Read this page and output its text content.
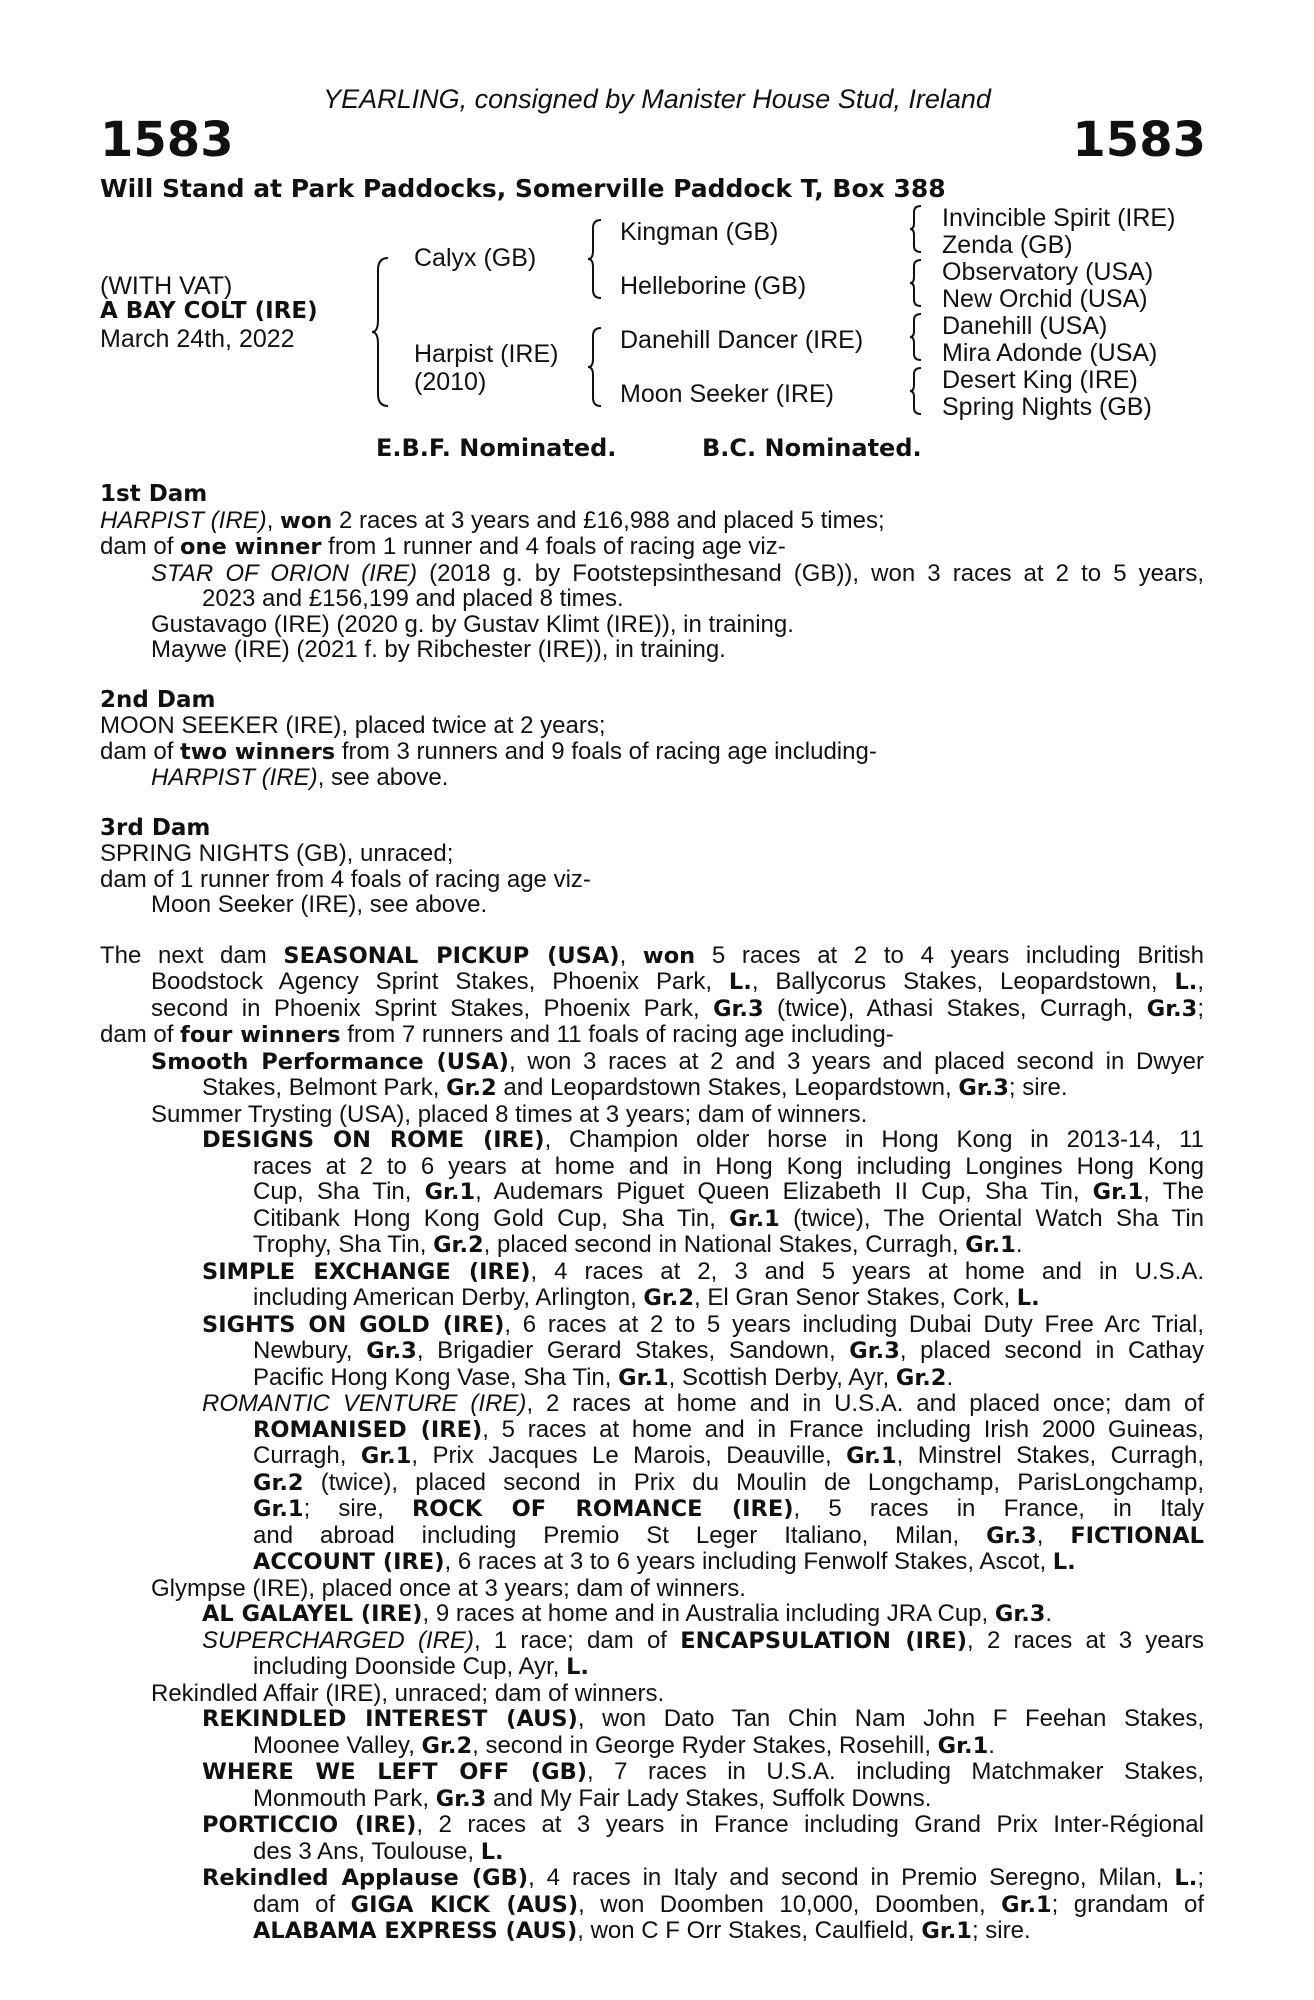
YEARLING, consigned by Manister House Stud, Ireland
1583	1583
Will Stand at Park Paddocks, Somerville Paddock T, Box 388
(WITH VAT)
A BAY COLT (IRE)
March 24th, 2022
Calyx (GB)
Harpist (IRE)
(2010)
Kingman (GB)
Helleborine (GB)
Danehill Dancer (IRE)
Moon Seeker (IRE)
Invincible Spirit (IRE)
Zenda (GB)
Observatory (USA)
New Orchid (USA)
Danehill (USA)
Mira Adonde (USA)
Desert King (IRE)
Spring Nights (GB)
E.B.F. Nominated.	B.C. Nominated.
1st Dam
HARPIST (IRE), won 2 races at 3 years and £16,988 and placed 5 times;
dam of one winner from 1 runner and 4 foals of racing age viz-
STAR OF ORION (IRE) (2018 g. by Footstepsinthesand (GB)), won 3 races at 2 to 5 years,
2023 and £156,199 and placed 8 times.
Gustavago (IRE) (2020 g. by Gustav Klimt (IRE)), in training.
Maywe (IRE) (2021 f. by Ribchester (IRE)), in training.
2nd Dam
MOON SEEKER (IRE), placed twice at 2 years;
dam of two winners from 3 runners and 9 foals of racing age including-
HARPIST (IRE), see above.
3rd Dam
SPRING NIGHTS (GB), unraced;
dam of 1 runner from 4 foals of racing age viz-
Moon Seeker (IRE), see above.
The next dam SEASONAL PICKUP (USA), won 5 races at 2 to 4 years including British
Boodstock Agency Sprint Stakes, Phoenix Park, L., Ballycorus Stakes, Leopardstown, L.,
second in Phoenix Sprint Stakes, Phoenix Park, Gr.3 (twice), Athasi Stakes, Curragh, Gr.3;
dam of four winners from 7 runners and 11 foals of racing age including-
Smooth Performance (USA), won 3 races at 2 and 3 years and placed second in Dwyer
Stakes, Belmont Park, Gr.2 and Leopardstown Stakes, Leopardstown, Gr.3; sire.
Summer Trysting (USA), placed 8 times at 3 years; dam of winners.
DESIGNS ON ROME (IRE), Champion older horse in Hong Kong in 2013-14, 11
races at 2 to 6 years at home and in Hong Kong including Longines Hong Kong
Cup, Sha Tin, Gr.1, Audemars Piguet Queen Elizabeth II Cup, Sha Tin, Gr.1, The
Citibank Hong Kong Gold Cup, Sha Tin, Gr.1 (twice), The Oriental Watch Sha Tin
Trophy, Sha Tin, Gr.2, placed second in National Stakes, Curragh, Gr.1.
SIMPLE EXCHANGE (IRE), 4 races at 2, 3 and 5 years at home and in U.S.A.
including American Derby, Arlington, Gr.2, El Gran Senor Stakes, Cork, L.
SIGHTS ON GOLD (IRE), 6 races at 2 to 5 years including Dubai Duty Free Arc Trial,
Newbury, Gr.3, Brigadier Gerard Stakes, Sandown, Gr.3, placed second in Cathay
Pacific Hong Kong Vase, Sha Tin, Gr.1, Scottish Derby, Ayr, Gr.2.
ROMANTIC VENTURE (IRE), 2 races at home and in U.S.A. and placed once; dam of
ROMANISED (IRE), 5 races at home and in France including Irish 2000 Guineas,
Curragh, Gr.1, Prix Jacques Le Marois, Deauville, Gr.1, Minstrel Stakes, Curragh,
Gr.2 (twice), placed second in Prix du Moulin de Longchamp, ParisLongchamp,
Gr.1; sire, ROCK OF ROMANCE (IRE), 5 races in France, in Italy
and abroad including Premio St Leger Italiano, Milan, Gr.3, FICTIONAL
ACCOUNT (IRE), 6 races at 3 to 6 years including Fenwolf Stakes, Ascot, L.
Glympse (IRE), placed once at 3 years; dam of winners.
AL GALAYEL (IRE), 9 races at home and in Australia including JRA Cup, Gr.3.
SUPERCHARGED (IRE), 1 race; dam of ENCAPSULATION (IRE), 2 races at 3 years
including Doonside Cup, Ayr, L.
Rekindled Affair (IRE), unraced; dam of winners.
REKINDLED INTEREST (AUS), won Dato Tan Chin Nam John F Feehan Stakes,
Moonee Valley, Gr.2, second in George Ryder Stakes, Rosehill, Gr.1.
WHERE WE LEFT OFF (GB), 7 races in U.S.A. including Matchmaker Stakes,
Monmouth Park, Gr.3 and My Fair Lady Stakes, Suffolk Downs.
PORTICCIO (IRE), 2 races at 3 years in France including Grand Prix Inter-Régional
des 3 Ans, Toulouse, L.
Rekindled Applause (GB), 4 races in Italy and second in Premio Seregno, Milan, L.;
dam of GIGA KICK (AUS), won Doomben 10,000, Doomben, Gr.1; grandam of
ALABAMA EXPRESS (AUS), won C F Orr Stakes, Caulfield, Gr.1; sire.
